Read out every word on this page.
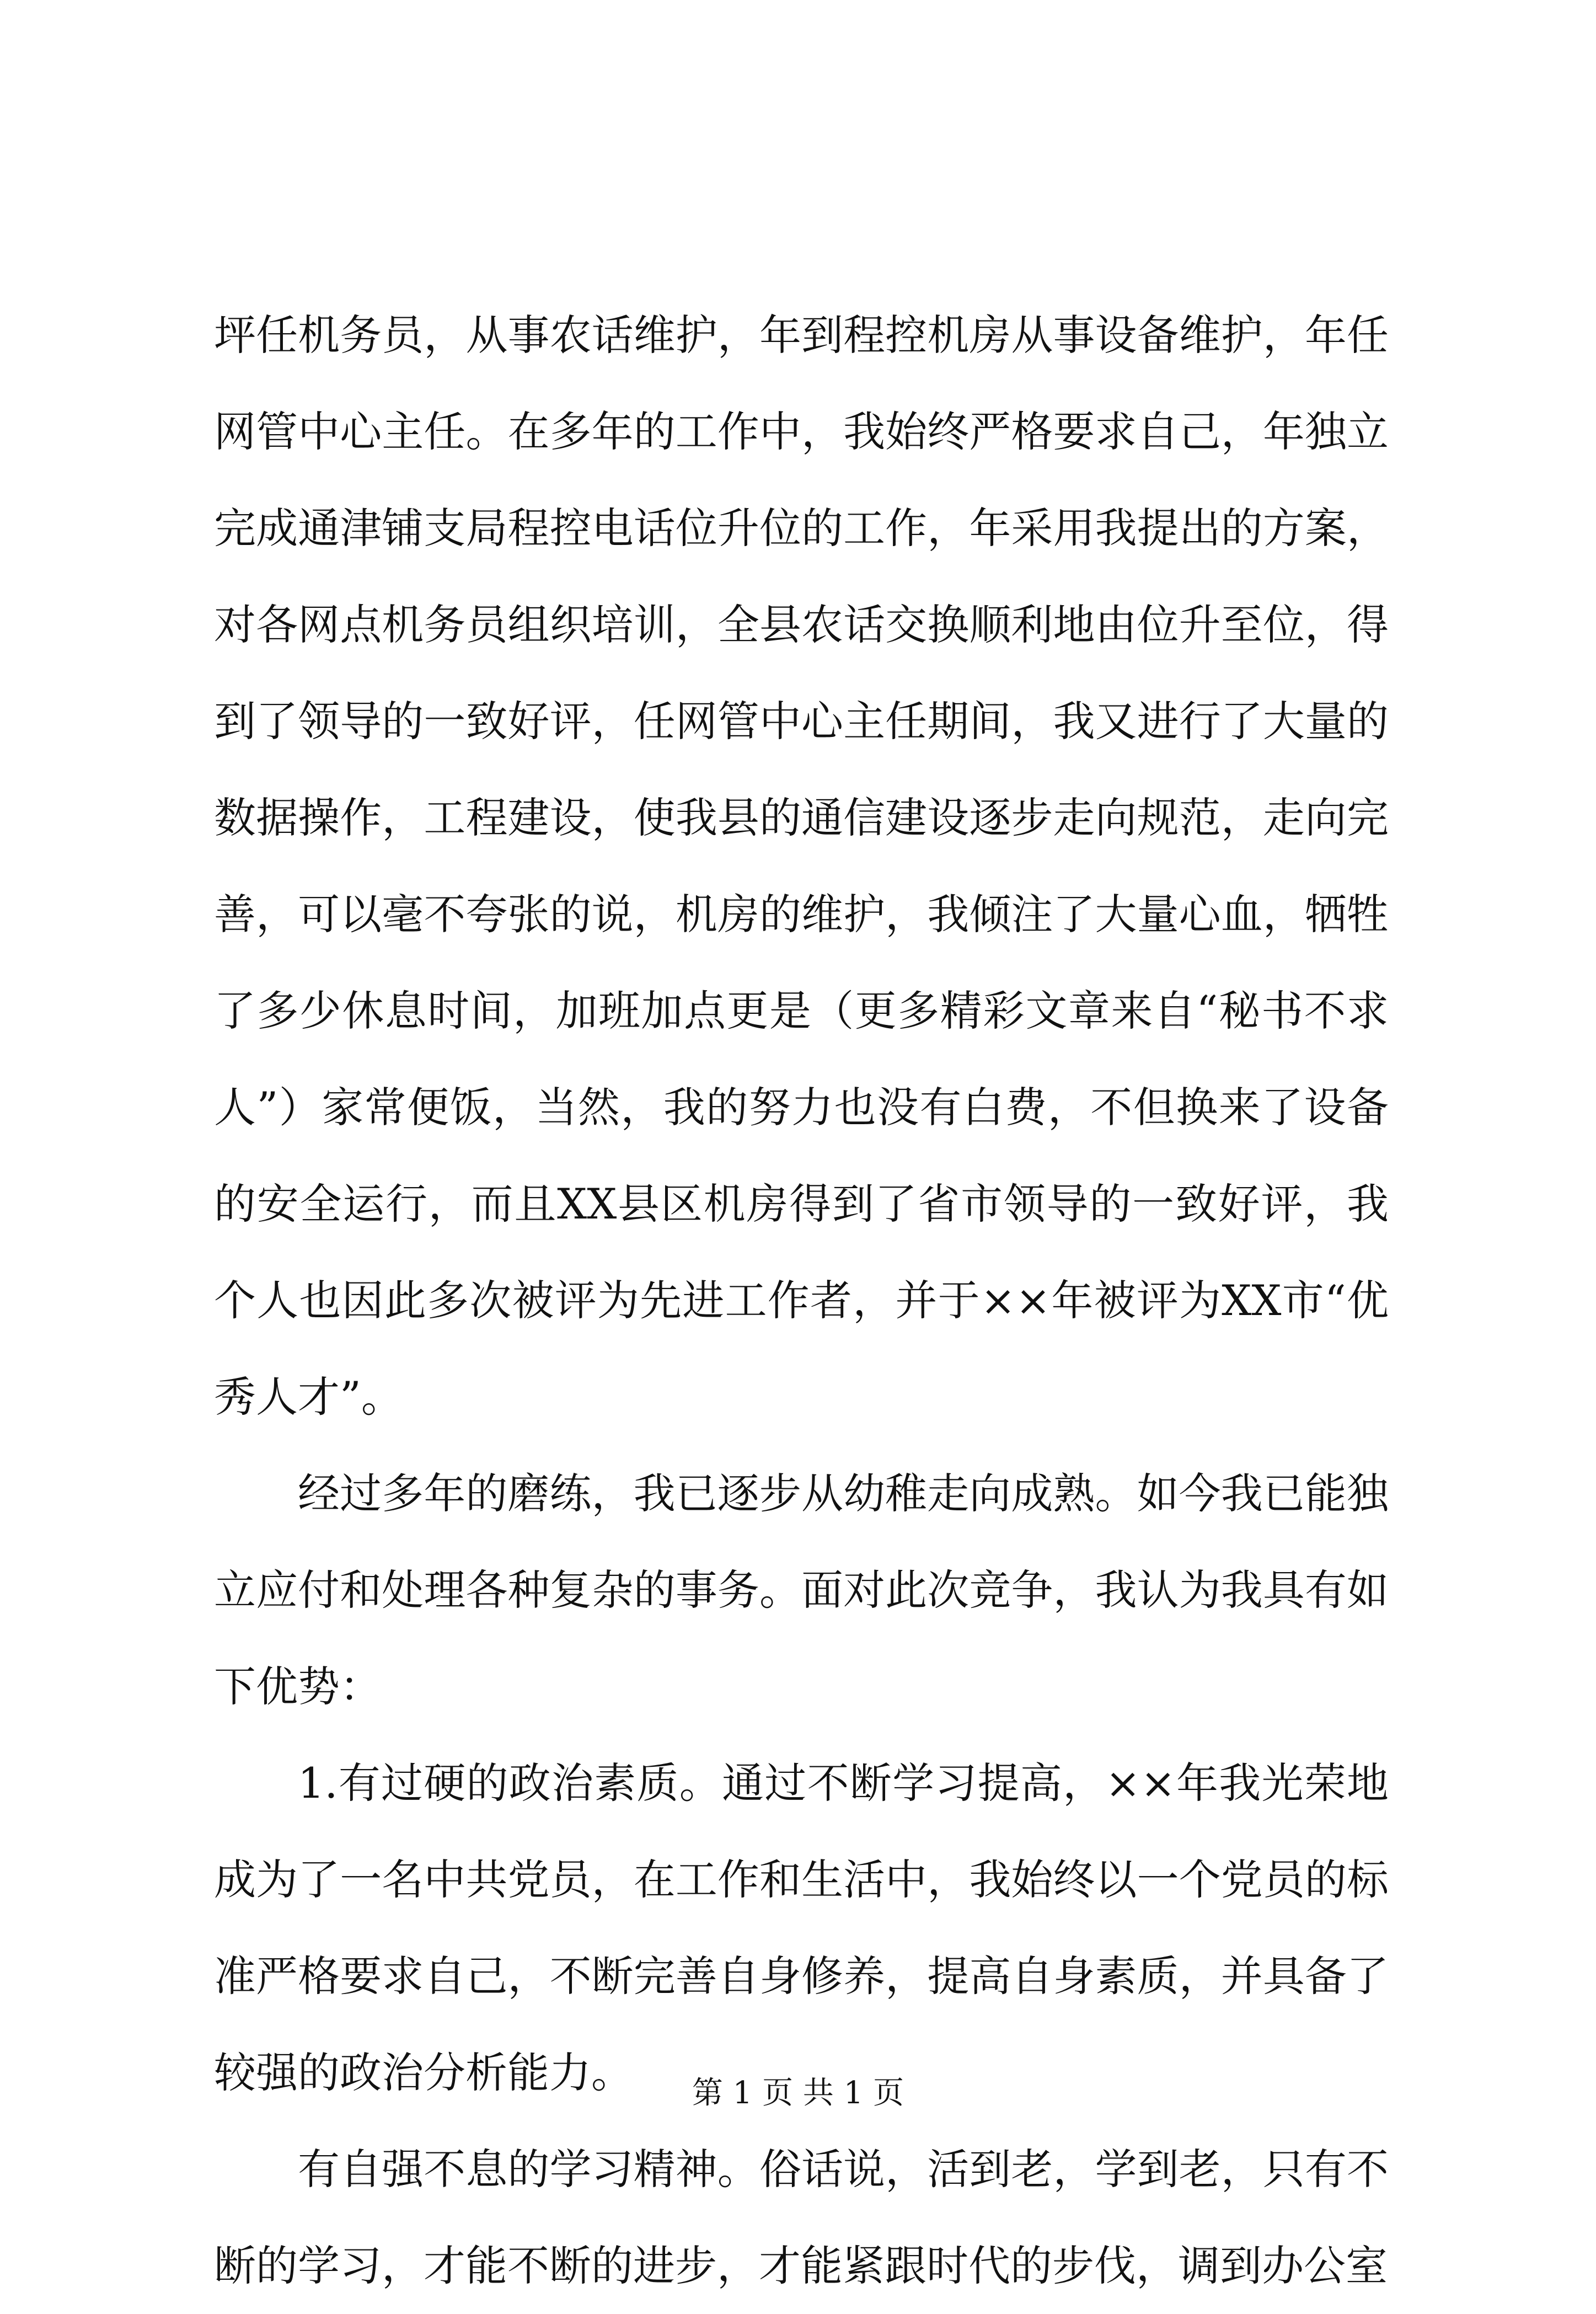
坪任机务员，从事农话维护，年到程控机房从事设备维护，年任网管中心主任。在多年的工作中，我始终严格要求自己，年独立完成通津铺支局程控电话位升位的工作，年采用我提出的方案，对各网点机务员组织培训，全县农话交换顺利地由位升至位，得到了领导的一致好评，任网管中心主任期间，我又进行了大量的数据操作，工程建设，使我县的通信建设逐步走向规范，走向完善，可以毫不夸张的说，机房的维护，我倾注了大量心血，牺牲了多少休息时间，加班加点更是（更多精彩文章来自“秘书不求人”）家常便饭，当然，我的努力也没有白费，不但换来了设备的安全运行，而且XX县区机房得到了省市领导的一致好评，我个人也因此多次被评为先进工作者，并于××年被评为XX市“优秀人才”。

经过多年的磨练，我已逐步从幼稚走向成熟。如今我已能独立应付和处理各种复杂的事务。面对此次竞争，我认为我具有如下优势：

1.有过硬的政治素质。通过不断学习提高，××年我光荣地成为了一名中共党员，在工作和生活中，我始终以一个党员的标准严格要求自己，不断完善自身修养，提高自身素质，并具备了较强的政治分析能力。

有自强不息的学习精神。俗话说，活到老，学到老，只有不断的学习，才能不断的进步，才能紧跟时代的步伐，调到办公室

第 1 页 共 1 页
